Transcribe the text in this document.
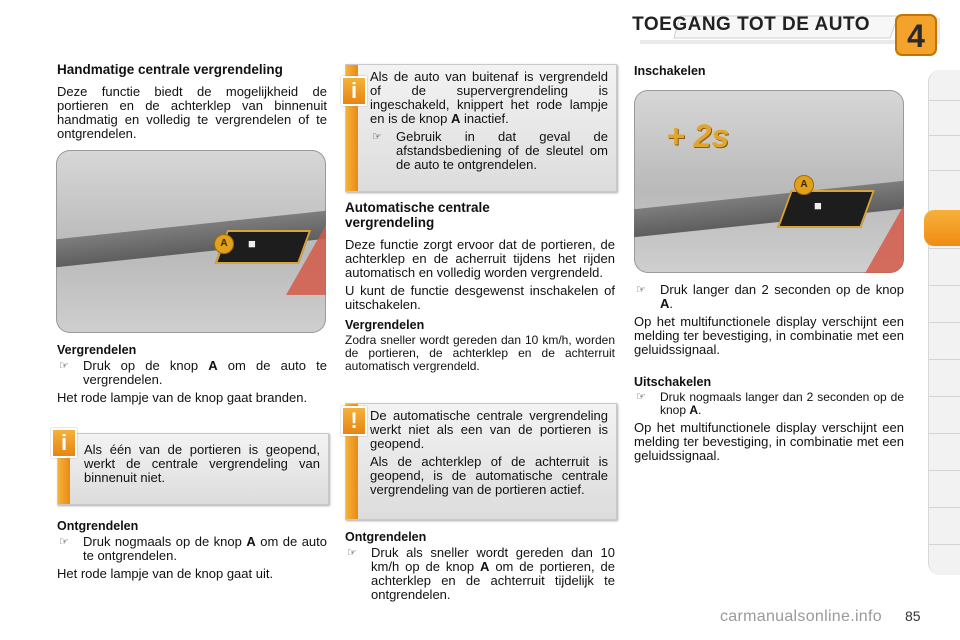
TOEGANG TOT DE AUTO 4
Handmatige centrale vergrendeling

Deze functie biedt de mogelijkheid de portieren en de achterklep van binnenuit handmatig en volledig te vergrendelen of te ontgrendelen.

■
A
Vergrendelen
☞	Druk op de knop A om de auto te vergrendelen.

Het rode lampje van de knop gaat branden.

Als één van de portieren is geopend, werkt de centrale vergrendeling van binnenuit niet.

i
Ontgrendelen
☞	Druk nogmaals op de knop A om de auto te ontgrendelen.

Het rode lampje van de knop gaat uit.

Als de auto van buitenaf is vergrendeld of de supervergrendeling is ingeschakeld, knippert het rode lampje en is de knop A inactief.

☞	Gebruik in dat geval de afstandsbediening of de sleutel om de auto te ontgrendelen.
i
Automatische centrale
vergrendeling

Deze functie zorgt ervoor dat de portieren, de achterklep en de acherruit tijdens het rijden automatisch en volledig worden vergrendeld.

U kunt de functie desgewenst inschakelen of uitschakelen.

Vergrendelen

Zodra sneller wordt gereden dan 10 km/h, worden de portieren, de achterklep en de achterruit automatisch vergrendeld.

De automatische centrale vergrendeling werkt niet als een van de portieren is geopend.

Als de achterklep of de achterruit is geopend, is de automatische centrale vergrendeling van de portieren actief.

!
Ontgrendelen
☞	Druk als sneller wordt gereden dan 10 km/h op de knop A om de portieren, de achterklep en de achterruit tijdelijk te ontgrendelen.
Inschakelen
■
A
+ 2s
☞	Druk langer dan 2 seconden op de knop A.

Op het multifunctionele display verschijnt een melding ter bevestiging, in combinatie met een geluidssignaal.

Uitschakelen
☞	Druk nogmaals langer dan 2 seconden op de knop A.

Op het multifunctionele display verschijnt een melding ter bevestiging, in combinatie met een geluidssignaal.

carmanualsonline.info 85
